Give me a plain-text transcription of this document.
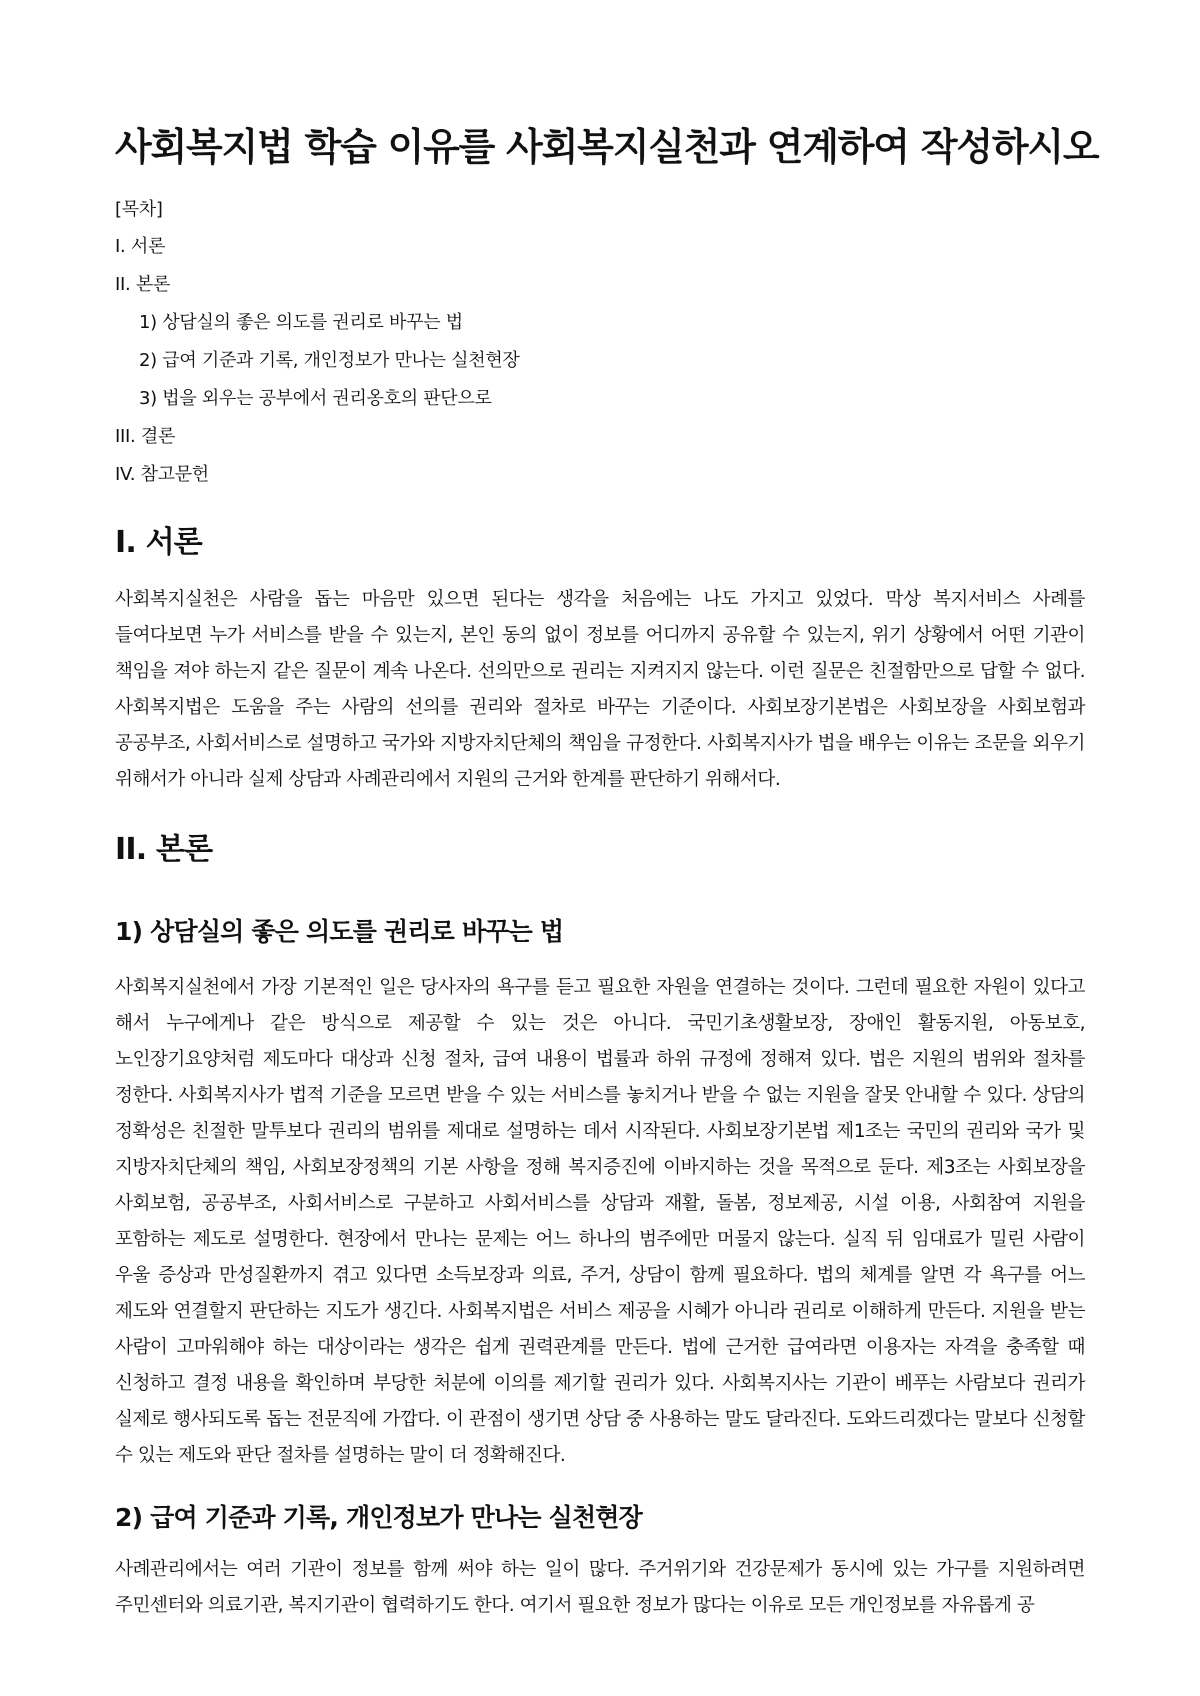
사회복지법 학습 이유를 사회복지실천과 연계하여 작성하시오
[목차]
I. 서론
II. 본론
1) 상담실의 좋은 의도를 권리로 바꾸는 법
2) 급여 기준과 기록, 개인정보가 만나는 실천현장
3) 법을 외우는 공부에서 권리옹호의 판단으로
III. 결론
IV. 참고문헌
I. 서론

사회복지실천은 사람을 돕는 마음만 있으면 된다는 생각을 처음에는 나도 가지고 있었다. 막상 복지서비스 사례를 들여다보면 누가 서비스를 받을 수 있는지, 본인 동의 없이 정보를 어디까지 공유할 수 있는지, 위기 상황에서 어떤 기관이 책임을 져야 하는지 같은 질문이 계속 나온다. 선의만으로 권리는 지켜지지 않는다. 이런 질문은 친절함만으로 답할 수 없다. 사회복지법은 도움을 주는 사람의 선의를 권리와 절차로 바꾸는 기준이다. 사회보장기본법은 사회보장을 사회보험과 공공부조, 사회서비스로 설명하고 국가와 지방자치단체의 책임을 규정한다. 사회복지사가 법을 배우는 이유는 조문을 외우기 위해서가 아니라 실제 상담과 사례관리에서 지원의 근거와 한계를 판단하기 위해서다.

II. 본론
1) 상담실의 좋은 의도를 권리로 바꾸는 법

사회복지실천에서 가장 기본적인 일은 당사자의 욕구를 듣고 필요한 자원을 연결하는 것이다. 그런데 필요한 자원이 있다고 해서 누구에게나 같은 방식으로 제공할 수 있는 것은 아니다. 국민기초생활보장, 장애인 활동지원, 아동보호, 노인장기요양처럼 제도마다 대상과 신청 절차, 급여 내용이 법률과 하위 규정에 정해져 있다. 법은 지원의 범위와 절차를 정한다. 사회복지사가 법적 기준을 모르면 받을 수 있는 서비스를 놓치거나 받을 수 없는 지원을 잘못 안내할 수 있다. 상담의 정확성은 친절한 말투보다 권리의 범위를 제대로 설명하는 데서 시작된다. 사회보장기본법 제1조는 국민의 권리와 국가 및 지방자치단체의 책임, 사회보장정책의 기본 사항을 정해 복지증진에 이바지하는 것을 목적으로 둔다. 제3조는 사회보장을 사회보험, 공공부조, 사회서비스로 구분하고 사회서비스를 상담과 재활, 돌봄, 정보제공, 시설 이용, 사회참여 지원을 포함하는 제도로 설명한다. 현장에서 만나는 문제는 어느 하나의 범주에만 머물지 않는다. 실직 뒤 임대료가 밀린 사람이 우울 증상과 만성질환까지 겪고 있다면 소득보장과 의료, 주거, 상담이 함께 필요하다. 법의 체계를 알면 각 욕구를 어느 제도와 연결할지 판단하는 지도가 생긴다. 사회복지법은 서비스 제공을 시혜가 아니라 권리로 이해하게 만든다. 지원을 받는 사람이 고마워해야 하는 대상이라는 생각은 쉽게 권력관계를 만든다. 법에 근거한 급여라면 이용자는 자격을 충족할 때 신청하고 결정 내용을 확인하며 부당한 처분에 이의를 제기할 권리가 있다. 사회복지사는 기관이 베푸는 사람보다 권리가 실제로 행사되도록 돕는 전문직에 가깝다. 이 관점이 생기면 상담 중 사용하는 말도 달라진다. 도와드리겠다는 말보다 신청할 수 있는 제도와 판단 절차를 설명하는 말이 더 정확해진다.

2) 급여 기준과 기록, 개인정보가 만나는 실천현장

사례관리에서는 여러 기관이 정보를 함께 써야 하는 일이 많다. 주거위기와 건강문제가 동시에 있는 가구를 지원하려면 주민센터와 의료기관, 복지기관이 협력하기도 한다. 여기서 필요한 정보가 많다는 이유로 모든 개인정보를 자유롭게 공
